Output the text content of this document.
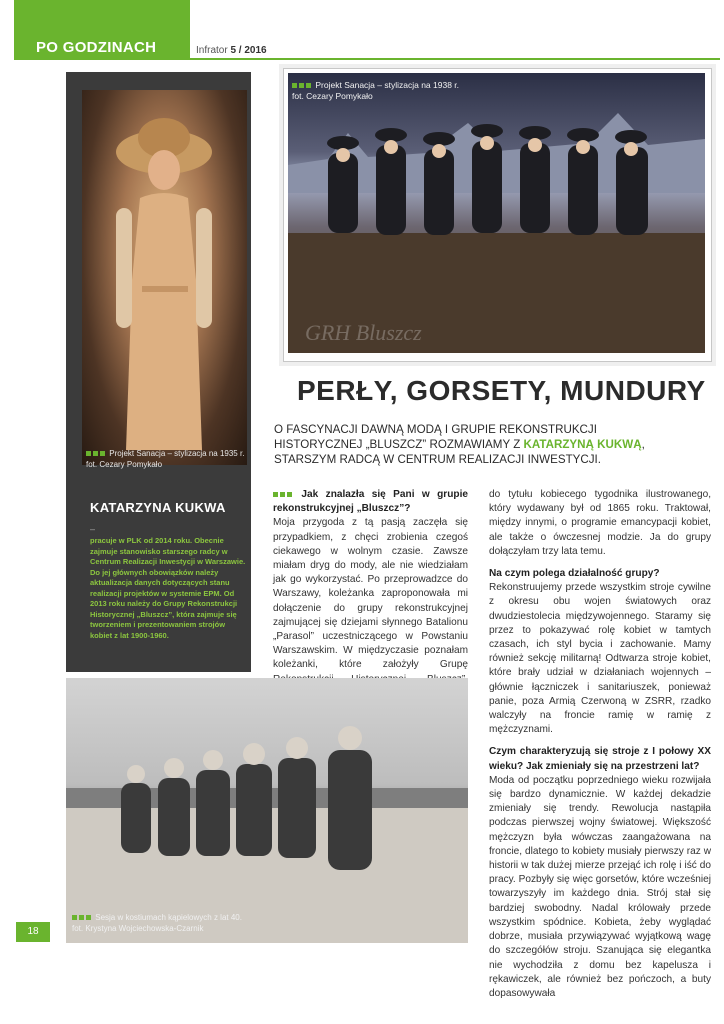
PO GODZINACH	Infrator 5 / 2016
Projekt Sanacja – stylizacja na 1935 r.
fot. Cezary Pomykało
KATARZYNA KUKWA
–
pracuje w PLK od 2014 roku. Obecnie zajmuje stanowisko starszego radcy w Centrum Realizacji Inwestycji w Warszawie. Do jej głównych obowiązków należy aktualizacja danych dotyczących stanu realizacji projektów w systemie EPM. Od 2013 roku należy do Grupy Rekonstrukcji Historycznej „Bluszcz”, która zajmuje się tworzeniem i prezentowaniem strojów kobiet z lat 1900-1960.
Projekt Sanacja – stylizacja na 1938 r.
fot. Cezary Pomykało
GRH Bluszcz
PERŁY, GORSETY, MUNDURY
O FASCYNACJI DAWNĄ MODĄ I GRUPIE REKONSTRUKCJI HISTORYCZNEJ „BLUSZCZ” ROZMAWIAMY Z KATARZYNĄ KUKWĄ, STARSZYM RADCĄ W CENTRUM REALIZACJI INWESTYCJI.

Jak znalazła się Pani w grupie rekonstrukcyjnej „Bluszcz”?

Moja przygoda z tą pasją zaczęła się przypadkiem, z chęci zrobienia czegoś ciekawego w wolnym czasie. Zawsze miałam dryg do mody, ale nie wiedziałam jak go wykorzystać. Po przeprowadzce do Warszawy, koleżanka zaproponowała mi dołączenie do grupy rekonstrukcyjnej zajmującej się dziejami słynnego Batalionu „Parasol” uczestniczącego w Powstaniu Warszawskim. W międzyczasie poznałam koleżanki, które założyły Grupę

do tytułu kobiecego tygodnika ilustrowanego, który wydawany był od 1865 roku. Traktował, między innymi, o programie emancypacji kobiet, ale także o ówczesnej modzie. Ja do grupy dołączyłam trzy lata temu.

Na czym polega działalność grupy?

Rekonstruujemy przede wszystkim stroje cywilne z okresu obu wojen światowych oraz dwudziestolecia międzywojennego. Staramy się przez to pokazywać rolę kobiet w tamtych czasach, ich styl bycia i zachowanie. Mamy również sekcję militarną! Odtwarza stroje kobiet, które brały udział w działaniach wojennych – głównie łączniczek i sanitariuszek, ponieważ panie, poza Armią Czerwoną w ZSRR, rzadko walczyły na froncie ramię w ramię z mężczyznami.

Czym charakteryzują się stroje z I połowy XX wieku? Jak zmieniały się na przestrzeni lat?

Moda od początku poprzedniego wieku rozwijała się bardzo dynamicznie. W każdej dekadzie zmieniały się trendy. Rewolucja nastąpiła podczas pierwszej wojny światowej. Większość mężczyzn była wówczas zaangażowana na froncie, dlatego to kobiety musiały pierwszy raz w historii w tak dużej mierze przejąć ich rolę i iść do pracy. Pozbyły się więc gorsetów, które wcześniej towarzyszyły im każdego dnia. Strój stał się bardziej swobodny. Nadal królowały przede wszystkim spódnice. Kobieta, żeby wyglądać dobrze, musiała przywiązywać wyjątkową wagę do szczegółów stroju. Szanująca się elegantka nie wychodziła z domu bez kapelusza i rękawiczek, ale również bez pończoch, a buty dopasowywała

Sesja w kostiumach kąpielowych z lat 40.
fot. Krystyna Wojciechowska-Czarnik
18
